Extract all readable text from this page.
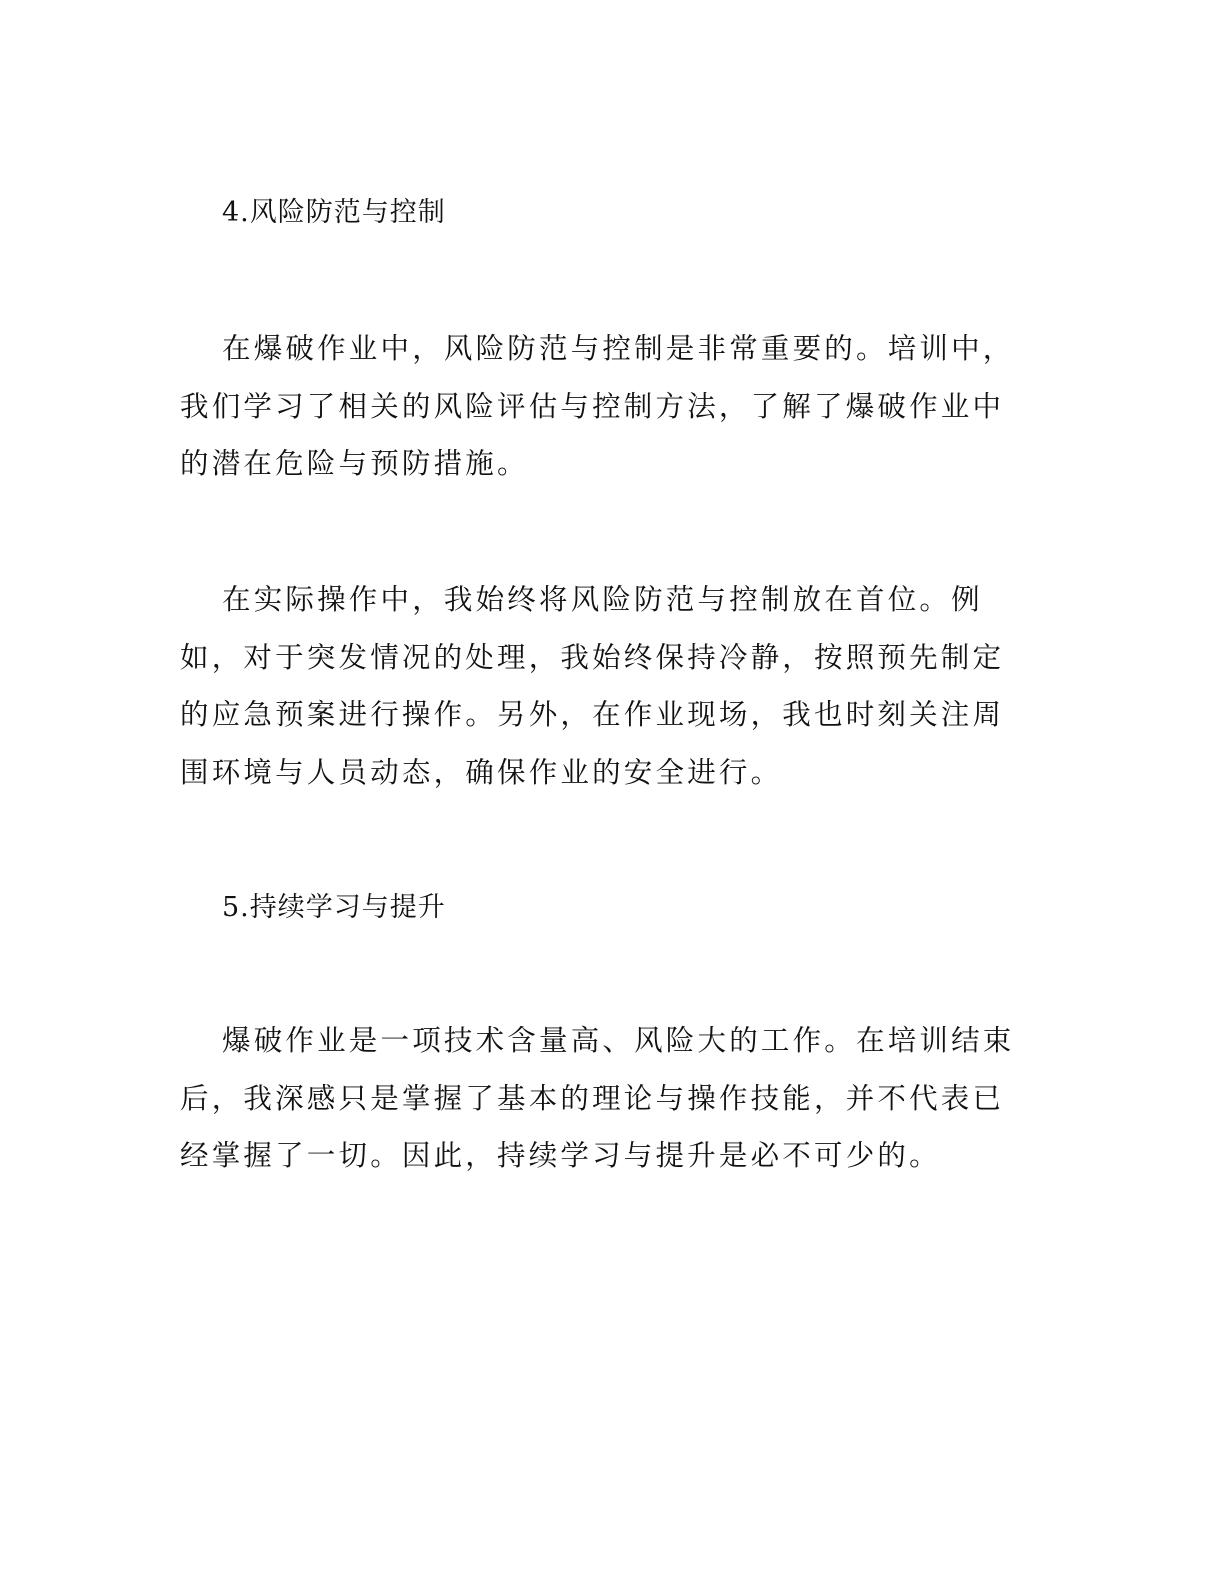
4.风险防范与控制

在爆破作业中，风险防范与控制是非常重要的。培训中，我们学习了相关的风险评估与控制方法，了解了爆破作业中的潜在危险与预防措施。

在实际操作中，我始终将风险防范与控制放在首位。例如，对于突发情况的处理，我始终保持冷静，按照预先制定的应急预案进行操作。另外，在作业现场，我也时刻关注周围环境与人员动态，确保作业的安全进行。

5.持续学习与提升

爆破作业是一项技术含量高、风险大的工作。在培训结束后，我深感只是掌握了基本的理论与操作技能，并不代表已经掌握了一切。因此，持续学习与提升是必不可少的。
